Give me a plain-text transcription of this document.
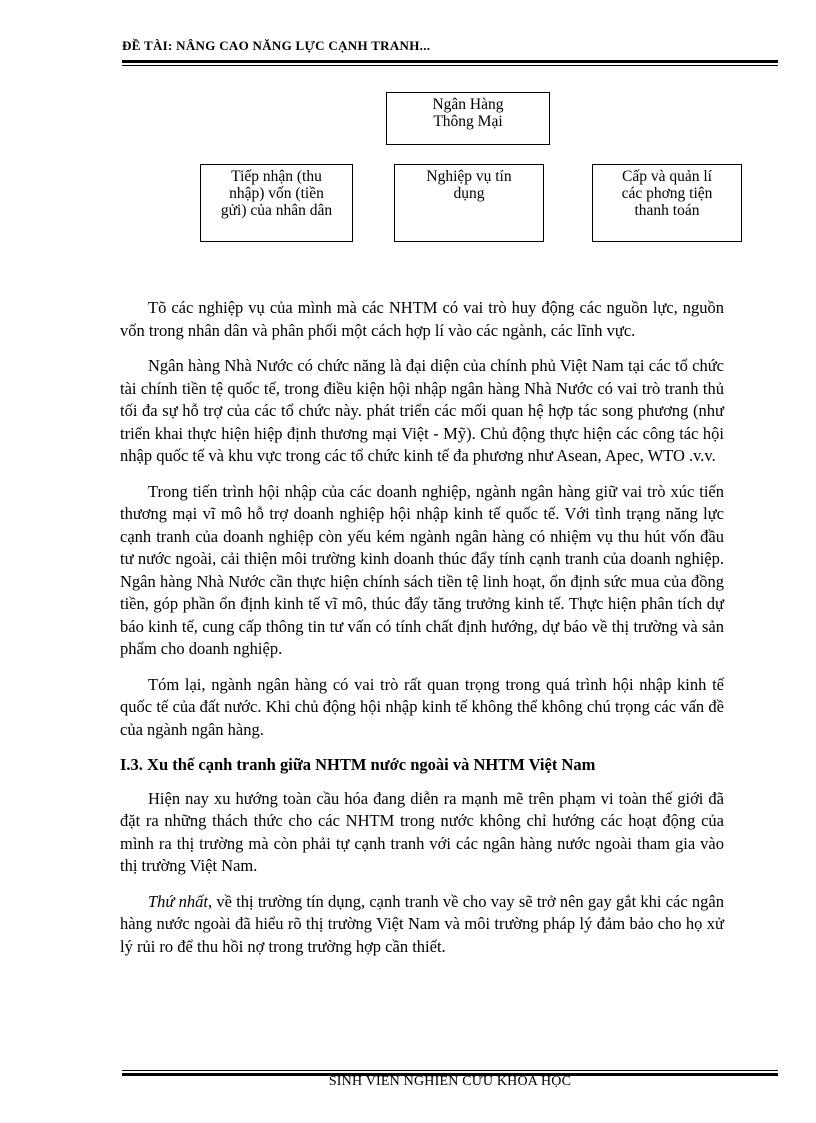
ĐỀ TÀI: NÂNG CAO NĂNG LỰC CẠNH TRANH...
Ngân Hàng
Thông Mại
Tiếp nhận (thu
nhập) vốn (tiền
gửi) của nhân dân
Nghiệp vụ tín
dụng
Cấp và quản lí
các phơng tiện
thanh toán

Tõ các nghiệp vụ của mình mà các NHTM có vai trò huy động các nguồn lực, nguồn vốn trong nhân dân và phân phối một cách hợp lí vào các ngành, các lĩnh vực.

Ngân hàng Nhà Nước có chức năng là đại diện của chính phủ Việt Nam tại các tổ chức tài chính tiền tệ quốc tế, trong điều kiện hội nhập ngân hàng Nhà Nước có vai trò tranh thủ tối đa sự hỗ trợ của các tổ chức này. phát triển các mối quan hệ hợp tác song phương (như triển khai thực hiện hiệp định thương mại Việt - Mỹ). Chủ động thực hiện các công tác hội nhập quốc tế và khu vực trong các tổ chức kinh tế đa phương như Asean, Apec, WTO .v.v.

Trong tiến trình hội nhập của các doanh nghiệp, ngành ngân hàng giữ vai trò xúc tiến thương mại vĩ mô hỗ trợ doanh nghiệp hội nhập kinh tế quốc tế. Với tình trạng năng lực cạnh tranh của doanh nghiệp còn yếu kém ngành ngân hàng có nhiệm vụ thu hút vốn đầu tư nước ngoài, cải thiện môi trường kinh doanh thúc đẩy tính cạnh tranh của doanh nghiệp. Ngân hàng Nhà Nước cần thực hiện chính sách tiền tệ linh hoạt, ổn định sức mua của đồng tiền, góp phần ổn định kinh tế vĩ mô, thúc đẩy tăng trưởng kinh tế. Thực hiện phân tích dự báo kinh tế, cung cấp thông tin tư vấn có tính chất định hướng, dự báo về thị trường và sản phẩm cho doanh nghiệp.

Tóm lại, ngành ngân hàng có vai trò rất quan trọng trong quá trình hội nhập kinh tế quốc tế của đất nước. Khi chủ động hội nhập kinh tế không thể không chú trọng các vấn đề của ngành ngân hàng.

I.3. Xu thế cạnh tranh giữa NHTM nước ngoài và NHTM Việt Nam

Hiện nay xu hướng toàn cầu hóa đang diễn ra mạnh mẽ trên phạm vi toàn thế giới đã đặt ra những thách thức cho các NHTM trong nước không chỉ hướng các hoạt động của mình ra thị trường mà còn phải tự cạnh tranh với các ngân hàng nước ngoài tham gia vào thị trường Việt Nam.

Thứ nhất, về thị trường tín dụng, cạnh tranh về cho vay sẽ trở nên gay gắt khi các ngân hàng nước ngoài đã hiểu rõ thị trường Việt Nam và môi trường pháp lý đảm bảo cho họ xử lý rủi ro để thu hồi nợ trong trường hợp cần thiết.

SINH VIÊN NGHIÊN CỨU KHOA HỌC
